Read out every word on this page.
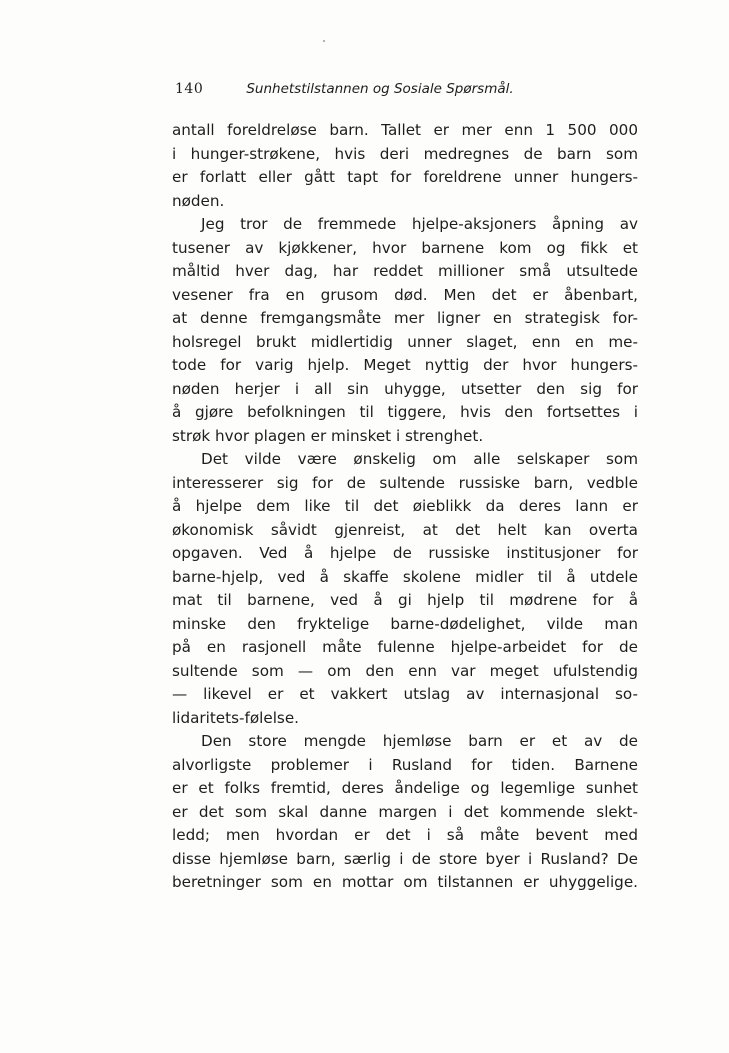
140	Sunhetstilstannen og Sosiale Spørsmål.

antall foreldreløse barn. Tallet er mer enn 1 500 000
i hunger-strøkene, hvis deri medregnes de barn som
er forlatt eller gått tapt for foreldrene unner hungers-
nøden.

Jeg tror de fremmede hjelpe-aksjoners åpning av
tusener av kjøkkener, hvor barnene kom og fikk et
måltid hver dag, har reddet millioner små utsultede
vesener fra en grusom død. Men det er åbenbart,
at denne fremgangsmåte mer ligner en strategisk for-
holsregel brukt midlertidig unner slaget, enn en me-
tode for varig hjelp. Meget nyttig der hvor hungers-
nøden herjer i all sin uhygge, utsetter den sig for
å gjøre befolkningen til tiggere, hvis den fortsettes i
strøk hvor plagen er minsket i strenghet.

Det vilde være ønskelig om alle selskaper som
interesserer sig for de sultende russiske barn, vedble
å hjelpe dem like til det øieblikk da deres lann er
økonomisk såvidt gjenreist, at det helt kan overta
opgaven. Ved å hjelpe de russiske institusjoner for
barne-hjelp, ved å skaffe skolene midler til å utdele
mat til barnene, ved å gi hjelp til mødrene for å
minske den fryktelige barne-dødelighet, vilde man
på en rasjonell måte fulenne hjelpe-arbeidet for de
sultende som — om den enn var meget ufulstendig
— likevel er et vakkert utslag av internasjonal so-
lidaritets-følelse.

Den store mengde hjemløse barn er et av de
alvorligste problemer i Rusland for tiden. Barnene
er et folks fremtid, deres åndelige og legemlige sunhet
er det som skal danne margen i det kommende slekt-
ledd; men hvordan er det i så måte bevent med
disse hjemløse barn, særlig i de store byer i Rusland? De
beretninger som en mottar om tilstannen er uhyggelige.
